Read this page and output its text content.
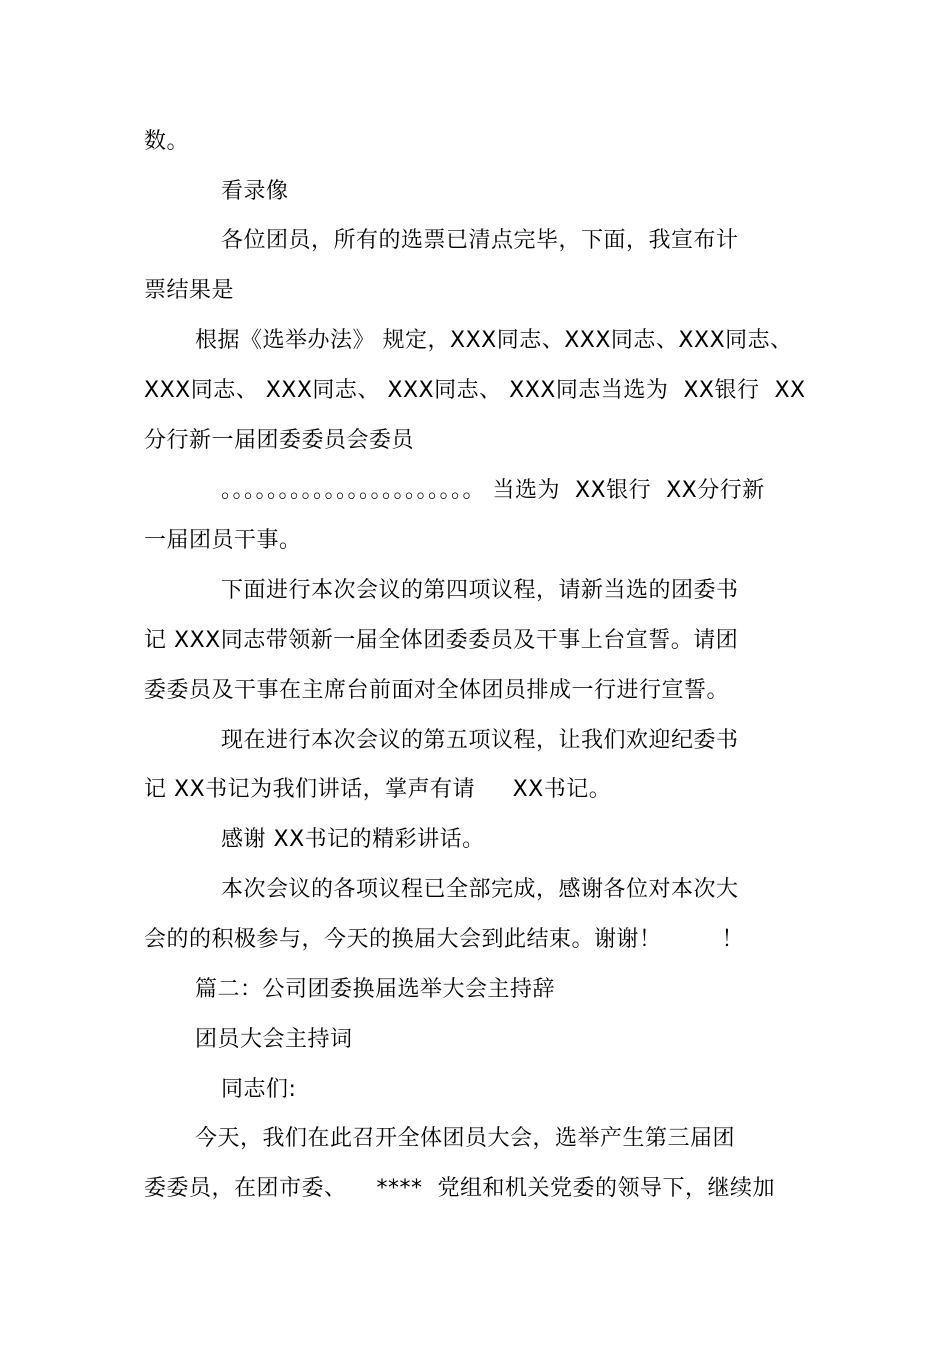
数。
看录像
各位团员，所有的选票已清点完毕，下面，我宣布计
票结果是
根据《选举办法》 规定，XXX同志、XXX同志、XXX同志、
XXX同志、 XXX同志、 XXX同志、 XXX同志当选为  XX银行  XX
分行新一届团委委员会委员
。。。。。。。。。。。。。。。。。。。。。。 当选为  XX银行  XX分行新
一届团员干事。
下面进行本次会议的第四项议程，请新当选的团委书
记 XXX同志带领新一届全体团委委员及干事上台宣誓。请团
委委员及干事在主席台前面对全体团员排成一行进行宣誓。
现在进行本次会议的第五项议程，让我们欢迎纪委书
记 XX书记为我们讲话，掌声有请     XX书记。
感谢 XX书记的精彩讲话。
本次会议的各项议程已全部完成，感谢各位对本次大
会的的积极参与，今天的换届大会到此结束。谢谢！        ！
篇二：公司团委换届选举大会主持辞
团员大会主持词
同志们:
今天，我们在此召开全体团员大会，选举产生第三届团
委委员，在团市委、    ****  党组和机关党委的领导下，继续加
